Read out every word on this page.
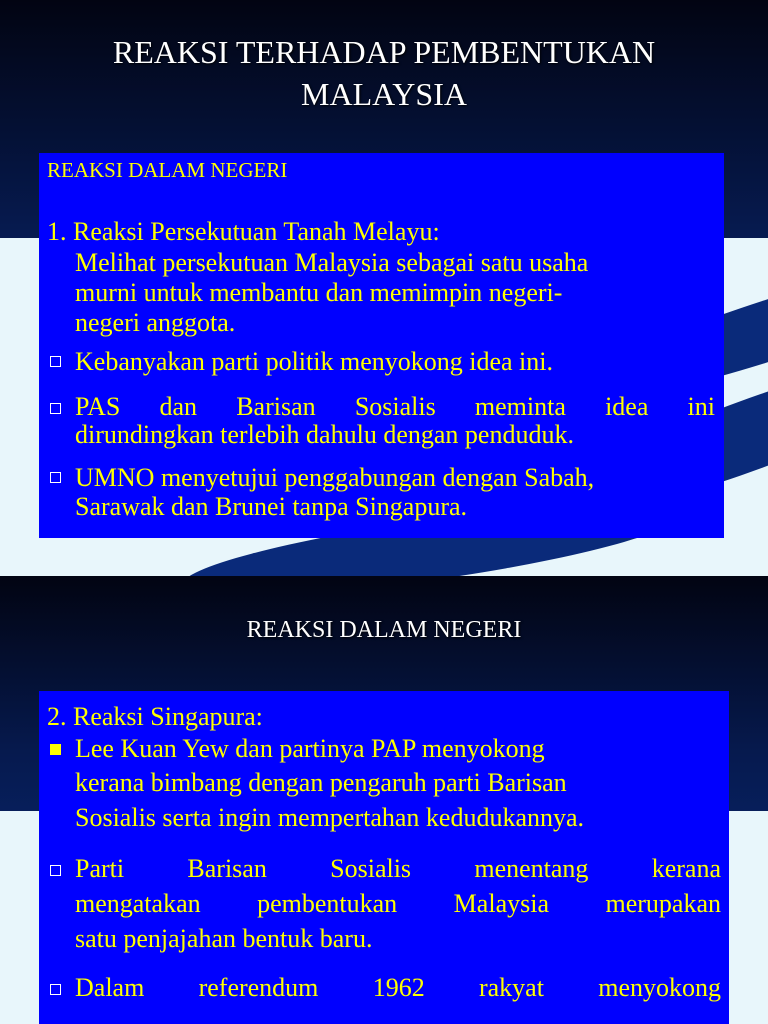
REAKSI TERHADAP PEMBENTUKAN
MALAYSIA
REAKSI DALAM NEGERI
1. Reaksi Persekutuan Tanah Melayu:
Melihat persekutuan Malaysia sebagai satu usaha
murni untuk membantu dan memimpin negeri-
negeri anggota.
Kebanyakan parti politik menyokong idea ini.
PAS dan Barisan Sosialis meminta idea ini
dirundingkan terlebih dahulu dengan penduduk.
UMNO menyetujui penggabungan dengan Sabah,
Sarawak dan Brunei tanpa Singapura.
REAKSI DALAM NEGERI
2. Reaksi Singapura:
Lee Kuan Yew dan partinya PAP menyokong
kerana bimbang dengan pengaruh parti Barisan
Sosialis serta ingin mempertahan kedudukannya.
Parti Barisan Sosialis menentang kerana
mengatakan pembentukan Malaysia merupakan
satu penjajahan bentuk baru.
Dalam referendum 1962 rakyat menyokong
